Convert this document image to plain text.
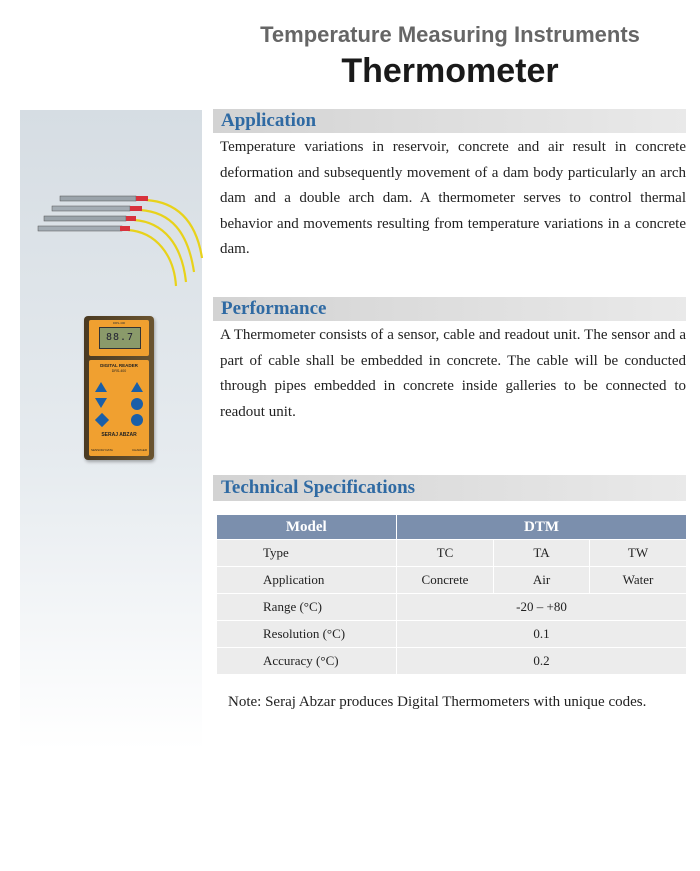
Temperature Measuring Instruments
Thermometer
DRS-400
88.7
DIGITAL READER
DRS-400
SERAJ ABZAR
SENSOR/ DATA	CHARGER
Application
Temperature variations in reservoir, concrete and air result in concrete deformation and subsequently movement of a dam body particularly an arch dam and a double arch dam. A thermometer serves to control thermal behavior and movements resulting from temperature variations in a concrete dam.
Performance
A Thermometer consists of a sensor, cable and readout unit. The sensor and a part of cable shall be embedded in concrete. The cable will be conducted through pipes embedded in concrete inside galleries to be connected to readout unit.
Technical Specifications
Model	DTM		
Type	TC	TA	TW
Application	Concrete	Air	Water
Range (°C)	-20 – +80		
Resolution (°C)	0.1		
Accuracy (°C)	0.2		
Note: Seraj Abzar produces Digital Thermometers with unique codes.
